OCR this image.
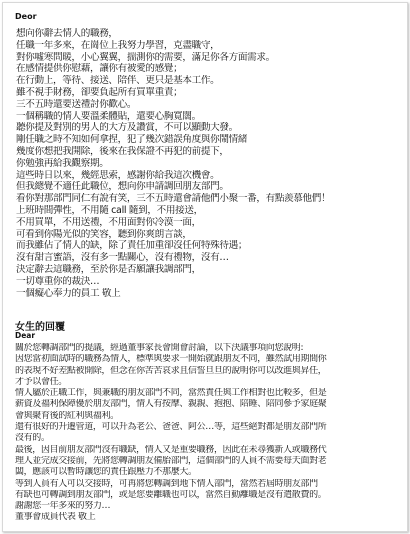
Deor
想向你辭去情人的職務，
任職一年多來，在崗位上我努力學習，克盡職守，
對你噓寒問暖，小心翼翼，揣測你的需要，滿足你各方面需求。
在感情提供你慰藉，讓你有被愛的感覺；
在行動上，等待、接送、陪伴、更只是基本工作。
雖不視手財務，卻要負起所有買單重責；
三不五時還要送禮討你歡心。
一個稱職的情人要溫柔體貼，還要心胸寬闊。
聽你提及對別的男人的大方及讚賞，不可以顯動大發。
剛任職之時不知如何拿捏，犯了幾次錯誤角度與你鬧情緒
幾度你想把我開除，後來在我保證不再犯的前提下，
你勉強再給我觀察期。
這些時日以來，幾經思索，感謝你給我這次機會。
但我總覺不適任此職位，想向你申請調回朋友部門。
看你對那部門同仁有說有笑，三不五時還會請他們小聚一番，有點羨慕他們！
上班時間彈性，不用隨 call 隨到，不用接送，
不用買單，不用送禮，不用面對你冷漠一面，
可看到你陽光似的笑容，聽到你爽朗言談，
而我雖佔了情人的缺，除了責任加重卻沒任何特殊待遇；
沒有甜言蜜語，沒有多一點關心，沒有禮物，沒有…
決定辭去這職務，至於你是否願讓我調部門，
一切尊重你的裁決…
一個癡心奉力的員工 敬上
女生的回覆
Dear
關於您轉調部門的提議，經過董事家長會開會討論，以下決議事項向您說明:
因您當初面試時的職務為情人，標準與要求一開始就跟朋友不同，雖然試用期間你
的表現不好差點被開除，但念在你苦苦哀求且信誓旦旦的說明你可以改進與昇任，
才予以會任。
情人屬於正職工作，與兼職的朋友部門不同，當然責任與工作相對也比較多，但是
薪資及福利保障優於朋友部門，情人有按摩、親親、抱抱、陪睡、陪同參予家庭聚
會與聚育後的紅利與福利。
還有很好的升遷管道，可以升為老公、爸爸、阿公…等，這些絕對都是朋友部門所
沒有的。
最後，因目前朋友部門沒有職缺，情人又是重要職務，因此在未尋獲新人或職務代
理人並完成交接前，先將您轉調朋友備胎部門，這個部門的人員不需要每天面對老
闆，應該可以暫時讓您的責任跟壓力不那麼大。
等到人員有人可以交接時，可再將您轉調到地下情人部門，當然若屆時朋友部門
有缺也可轉調到朋友部門，或是您要離職也可以，當然自動離職是沒有遣散費的。
謝謝您一年多來的努力…
董事會成員代表 敬上
